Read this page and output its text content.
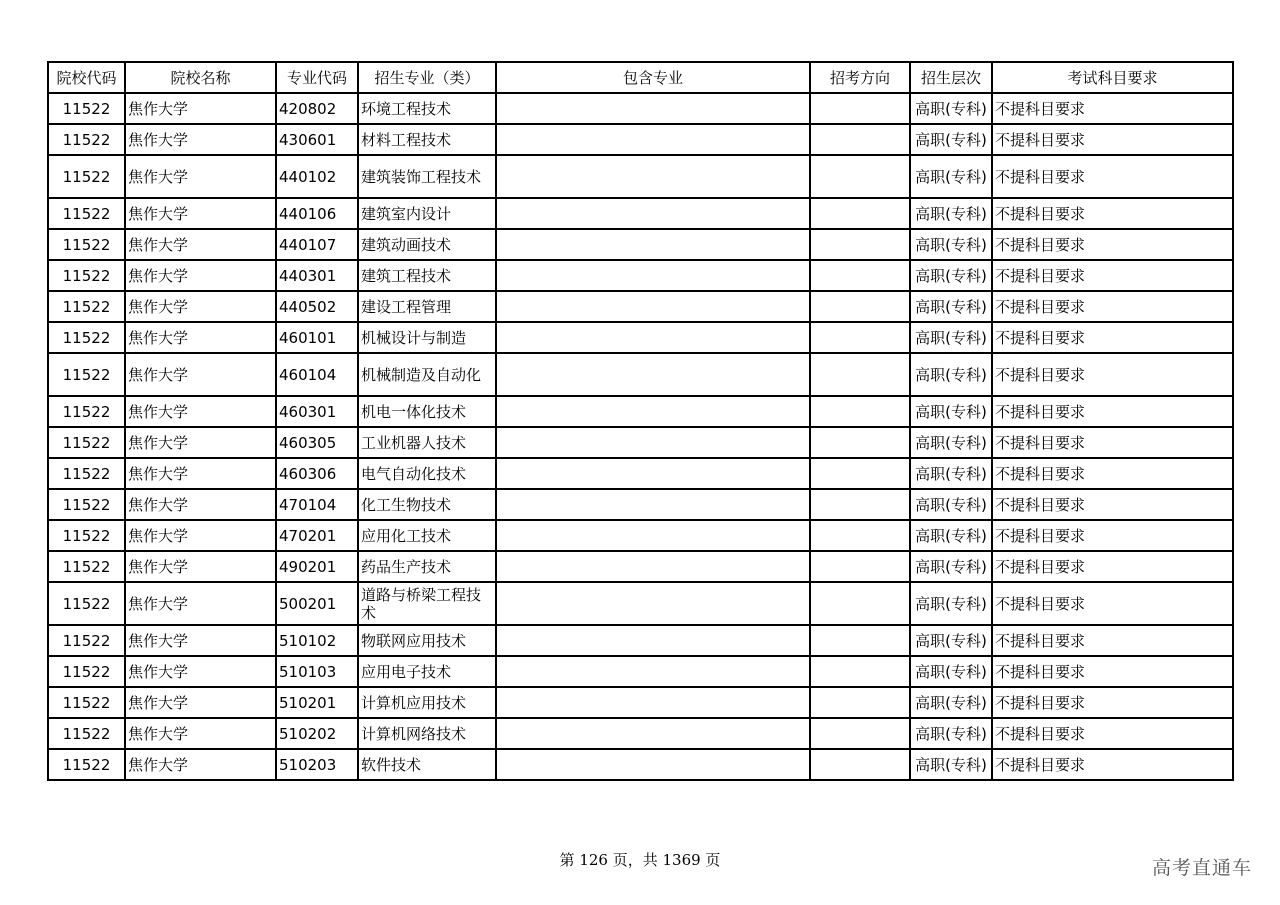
院校代码	院校名称	专业代码	招生专业（类）	包含专业	招考方向	招生层次	考试科目要求
11522	焦作大学	420802	环境工程技术			高职(专科)	不提科目要求
11522	焦作大学	430601	材料工程技术			高职(专科)	不提科目要求
11522	焦作大学	440102	建筑装饰工程技术			高职(专科)	不提科目要求
11522	焦作大学	440106	建筑室内设计			高职(专科)	不提科目要求
11522	焦作大学	440107	建筑动画技术			高职(专科)	不提科目要求
11522	焦作大学	440301	建筑工程技术			高职(专科)	不提科目要求
11522	焦作大学	440502	建设工程管理			高职(专科)	不提科目要求
11522	焦作大学	460101	机械设计与制造			高职(专科)	不提科目要求
11522	焦作大学	460104	机械制造及自动化			高职(专科)	不提科目要求
11522	焦作大学	460301	机电一体化技术			高职(专科)	不提科目要求
11522	焦作大学	460305	工业机器人技术			高职(专科)	不提科目要求
11522	焦作大学	460306	电气自动化技术			高职(专科)	不提科目要求
11522	焦作大学	470104	化工生物技术			高职(专科)	不提科目要求
11522	焦作大学	470201	应用化工技术			高职(专科)	不提科目要求
11522	焦作大学	490201	药品生产技术			高职(专科)	不提科目要求
11522	焦作大学	500201	道路与桥梁工程技术			高职(专科)	不提科目要求
11522	焦作大学	510102	物联网应用技术			高职(专科)	不提科目要求
11522	焦作大学	510103	应用电子技术			高职(专科)	不提科目要求
11522	焦作大学	510201	计算机应用技术			高职(专科)	不提科目要求
11522	焦作大学	510202	计算机网络技术			高职(专科)	不提科目要求
11522	焦作大学	510203	软件技术			高职(专科)	不提科目要求
第 126 页，共 1369 页	高考直通车
